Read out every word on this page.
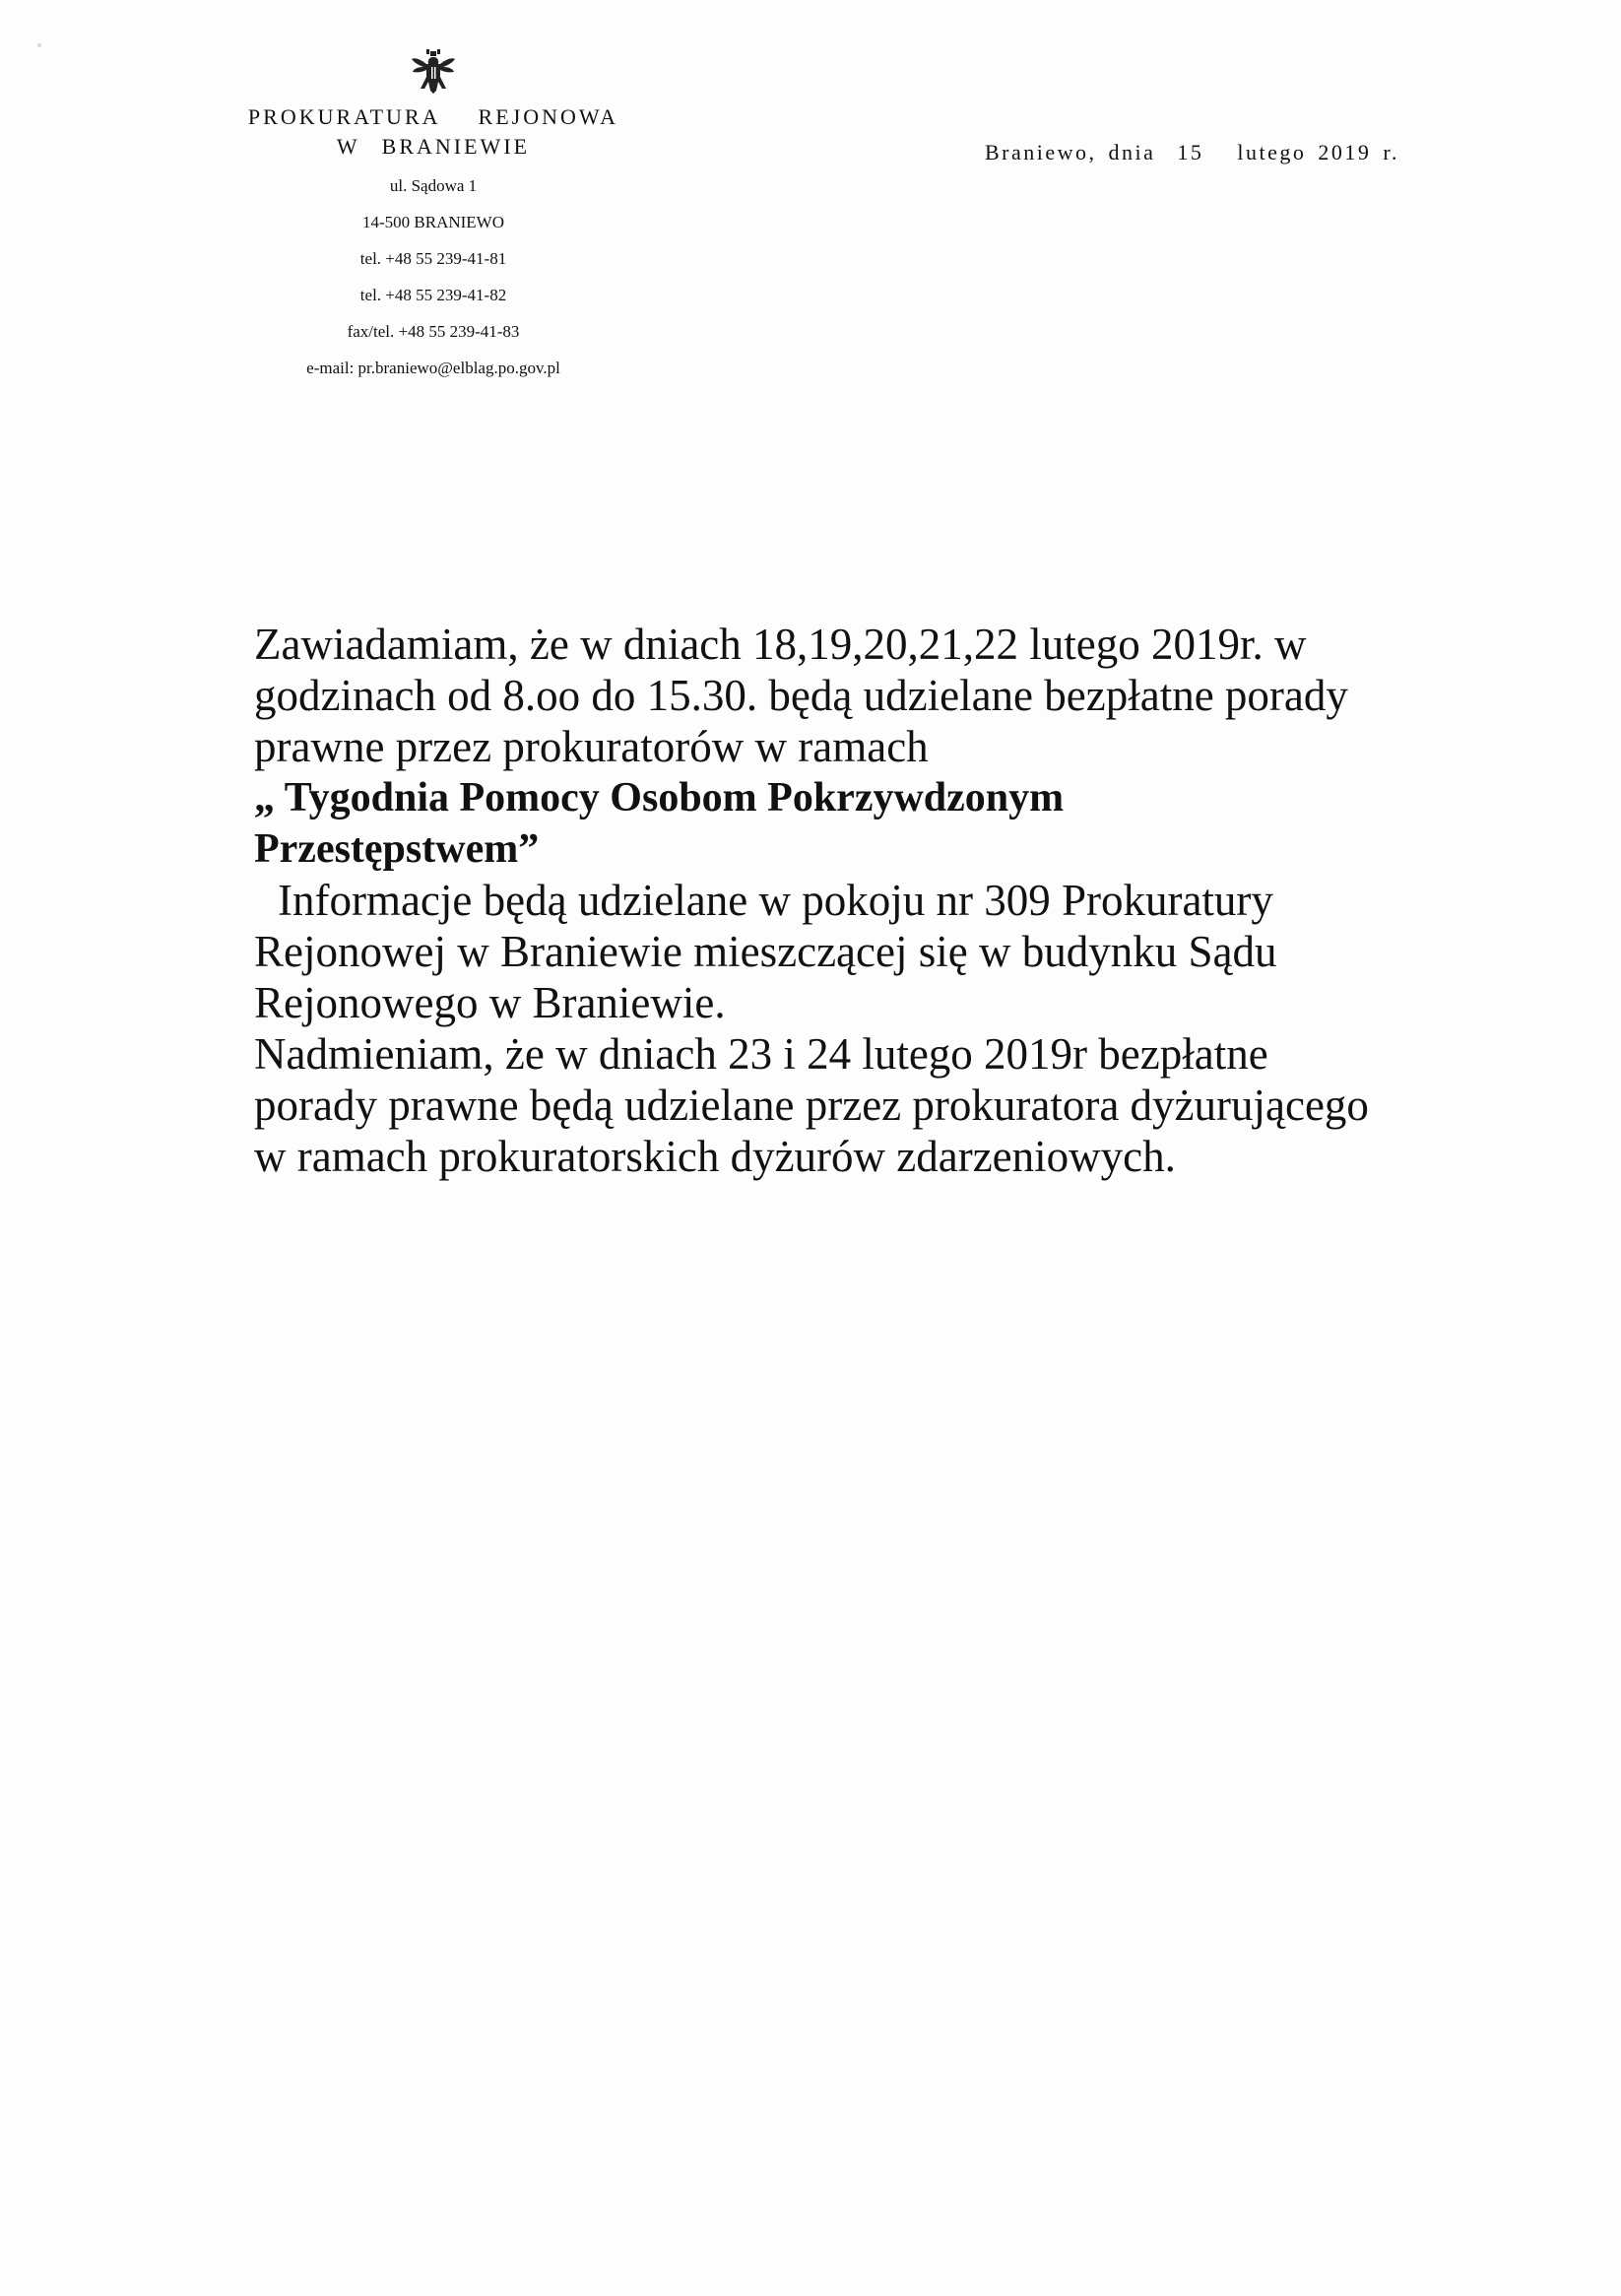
PROKURATURA REJONOWA

W BRANIEWIE

ul. Sądowa 1

14-500 BRANIEWO

tel. +48 55 239-41-81

tel. +48 55 239-41-82

fax/tel. +48 55 239-41-83

e-mail: pr.braniewo@elblag.po.gov.pl

Braniewo, dnia 15 lutego 2019 r.

Zawiadamiam, że w dniach 18,19,20,21,22 lutego 2019r. w

godzinach od 8.oo do 15.30. będą udzielane bezpłatne porady

prawne przez prokuratorów w ramach

„ Tygodnia Pomocy Osobom Pokrzywdzonym

Przestępstwem”

Informacje będą udzielane w pokoju nr 309 Prokuratury

Rejonowej w Braniewie mieszczącej się w budynku Sądu

Rejonowego w Braniewie.

Nadmieniam, że w dniach 23 i 24 lutego 2019r bezpłatne

porady prawne będą udzielane przez prokuratora dyżurującego

w ramach prokuratorskich dyżurów zdarzeniowych.
